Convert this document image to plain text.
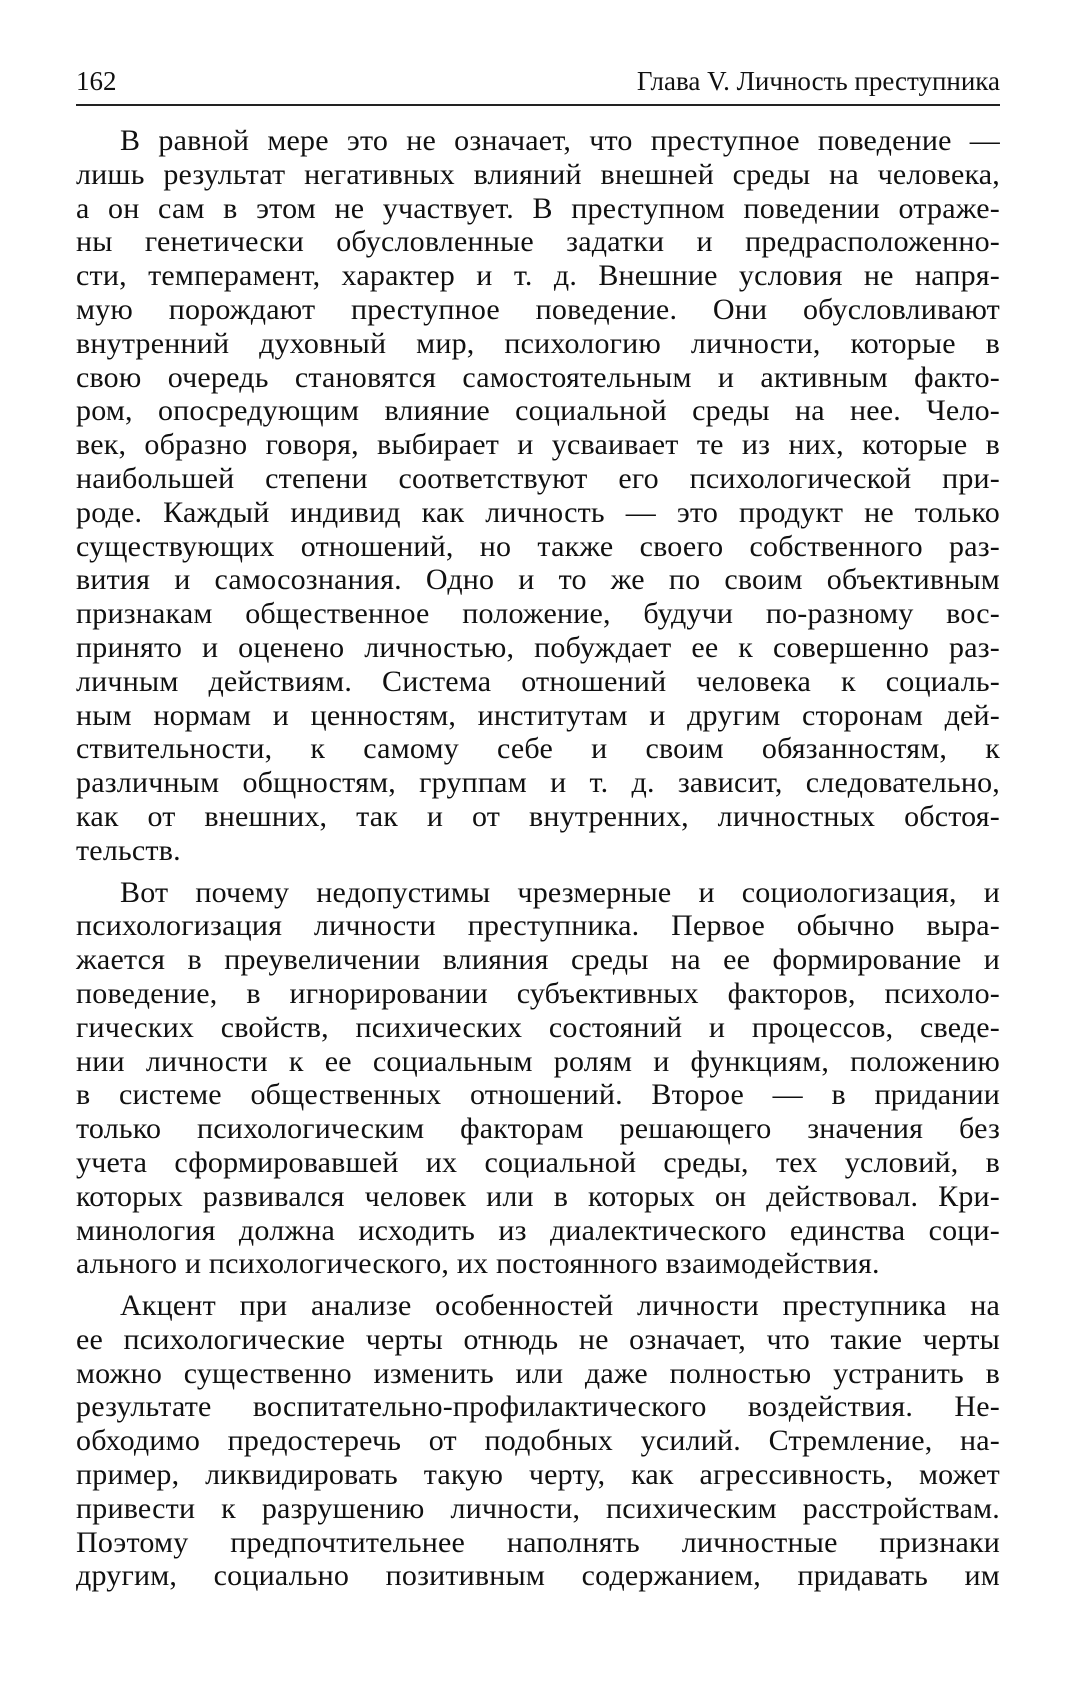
162	Глава V. Личность преступника
В равной мере это не означает, что преступное поведение —
лишь результат негативных влияний внешней среды на человека,
а он сам в этом не участвует. В преступном поведении отраже-
ны генетически обусловленные задатки и предрасположенно-
сти, темперамент, характер и т. д. Внешние условия не напря-
мую порождают преступное поведение. Они обусловливают
внутренний духовный мир, психологию личности, которые в
свою очередь становятся самостоятельным и активным факто-
ром, опосредующим влияние социальной среды на нее. Чело-
век, образно говоря, выбирает и усваивает те из них, которые в
наибольшей степени соответствуют его психологической при-
роде. Каждый индивид как личность — это продукт не только
существующих отношений, но также своего собственного раз-
вития и самосознания. Одно и то же по своим объективным
признакам общественное положение, будучи по-разному вос-
принято и оценено личностью, побуждает ее к совершенно раз-
личным действиям. Система отношений человека к социаль-
ным нормам и ценностям, институтам и другим сторонам дей-
ствительности, к самому себе и своим обязанностям, к
различным общностям, группам и т. д. зависит, следовательно,
как от внешних, так и от внутренних, личностных обстоя-
тельств.
Вот почему недопустимы чрезмерные и социологизация, и
психологизация личности преступника. Первое обычно выра-
жается в преувеличении влияния среды на ее формирование и
поведение, в игнорировании субъективных факторов, психоло-
гических свойств, психических состояний и процессов, сведе-
нии личности к ее социальным ролям и функциям, положению
в системе общественных отношений. Второе — в придании
только психологическим факторам решающего значения без
учета сформировавшей их социальной среды, тех условий, в
которых развивался человек или в которых он действовал. Кри-
минология должна исходить из диалектического единства соци-
ального и психологического, их постоянного взаимодействия.
Акцент при анализе особенностей личности преступника на
ее психологические черты отнюдь не означает, что такие черты
можно существенно изменить или даже полностью устранить в
результате воспитательно-профилактического воздействия. Не-
обходимо предостеречь от подобных усилий. Стремление, на-
пример, ликвидировать такую черту, как агрессивность, может
привести к разрушению личности, психическим расстройствам.
Поэтому предпочтительнее наполнять личностные признаки
другим, социально позитивным содержанием, придавать им
